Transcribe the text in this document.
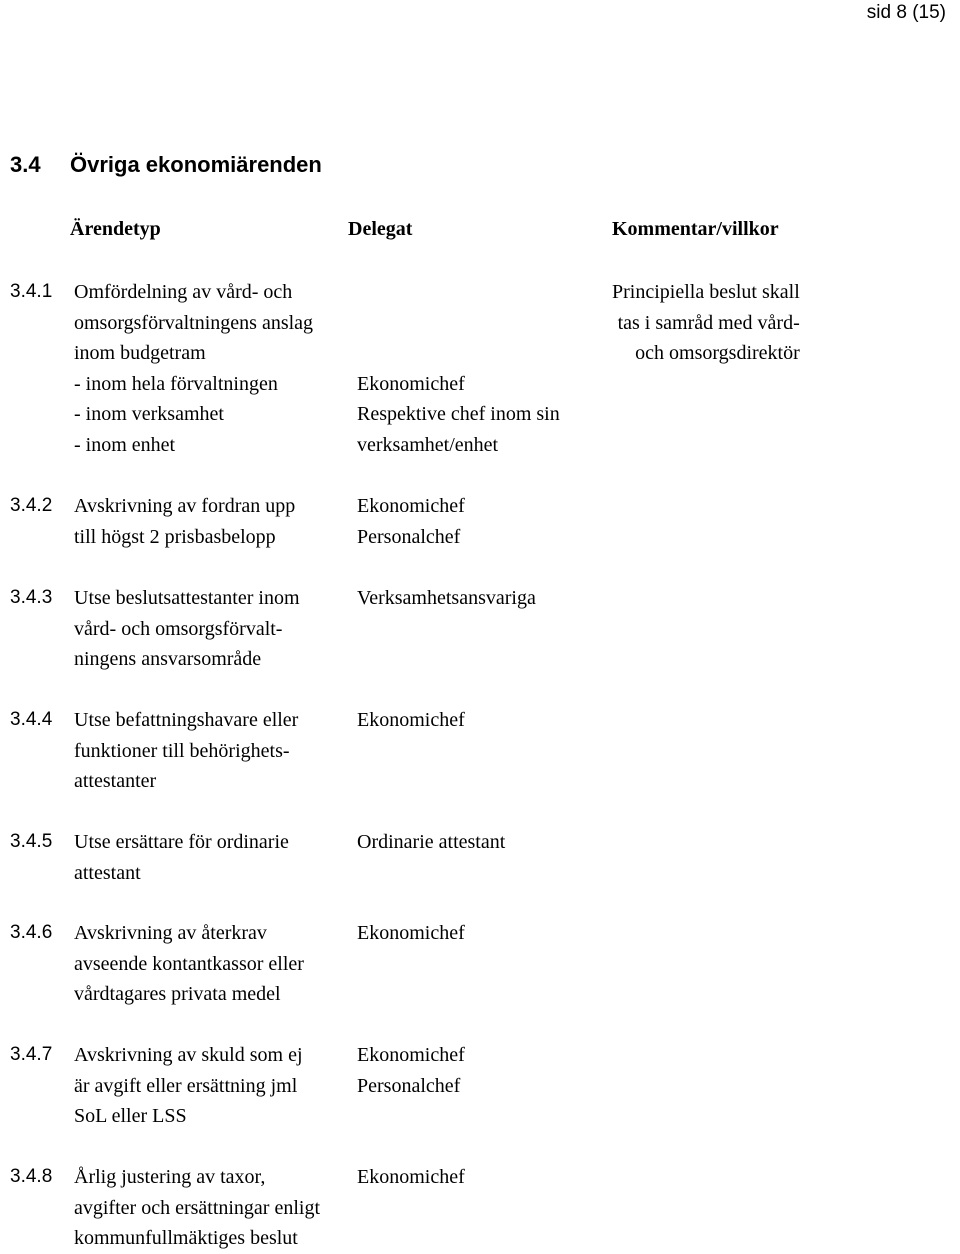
sid 8 (15)
3.4 Övriga ekonomiärenden
Ärendetyp	Delegat	Kommentar/villkor
3.4.1 Omfördelning av vård- och
omsorgsförvaltningens anslag
inom budgetram
- inom hela förvaltningen
- inom verksamhet
- inom enhet

Ekonomichef
Respektive chef inom sin
verksamhet/enhet
Principiella beslut skall
tas i samråd med vård-
och omsorgsdirektör
3.4.2 Avskrivning av fordran upp
till högst 2 prisbasbelopp
Ekonomichef
Personalchef
3.4.3 Utse beslutsattestanter inom
vård- och omsorgsförvalt-
ningens ansvarsområde
Verksamhetsansvariga
3.4.4 Utse befattningshavare eller
funktioner till behörighets-
attestanter
Ekonomichef
3.4.5 Utse ersättare för ordinarie
attestant
Ordinarie attestant
3.4.6 Avskrivning av återkrav
avseende kontantkassor eller
vårdtagares privata medel
Ekonomichef
3.4.7 Avskrivning av skuld som ej
är avgift eller ersättning jml
SoL eller LSS
Ekonomichef
Personalchef
3.4.8 Årlig justering av taxor,
avgifter och ersättningar enligt
kommunfullmäktiges beslut
Ekonomichef
